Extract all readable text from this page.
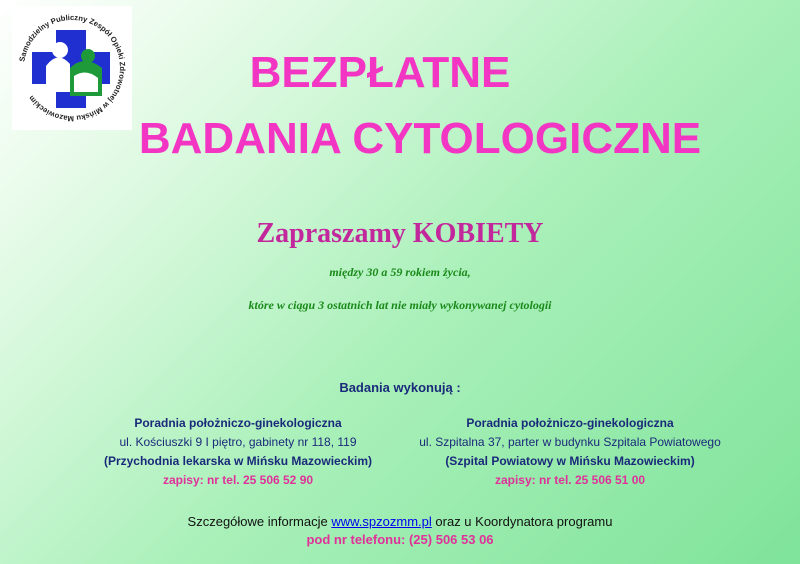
Samodzielny Publiczny Zespół Opieki Zdrowotnej w Mińsku Mazowieckim
BEZPŁATNE
BADANIA CYTOLOGICZNE
Zapraszamy KOBIETY
między 30 a 59 rokiem życia,
które w ciągu 3 ostatnich lat nie miały wykonywanej cytologii
Badania wykonują :
Poradnia położniczo-ginekologiczna
ul. Kościuszki 9 I piętro, gabinety nr 118, 119
(Przychodnia lekarska w Mińsku Mazowieckim)
zapisy: nr tel. 25 506 52 90
Poradnia położniczo-ginekologiczna
ul. Szpitalna 37, parter w budynku Szpitala Powiatowego
(Szpital Powiatowy w Mińsku Mazowieckim)
zapisy: nr tel. 25 506 51 00
Szczegółowe informacje www.spzozmm.pl oraz u Koordynatora programu
pod nr telefonu: (25) 506 53 06
